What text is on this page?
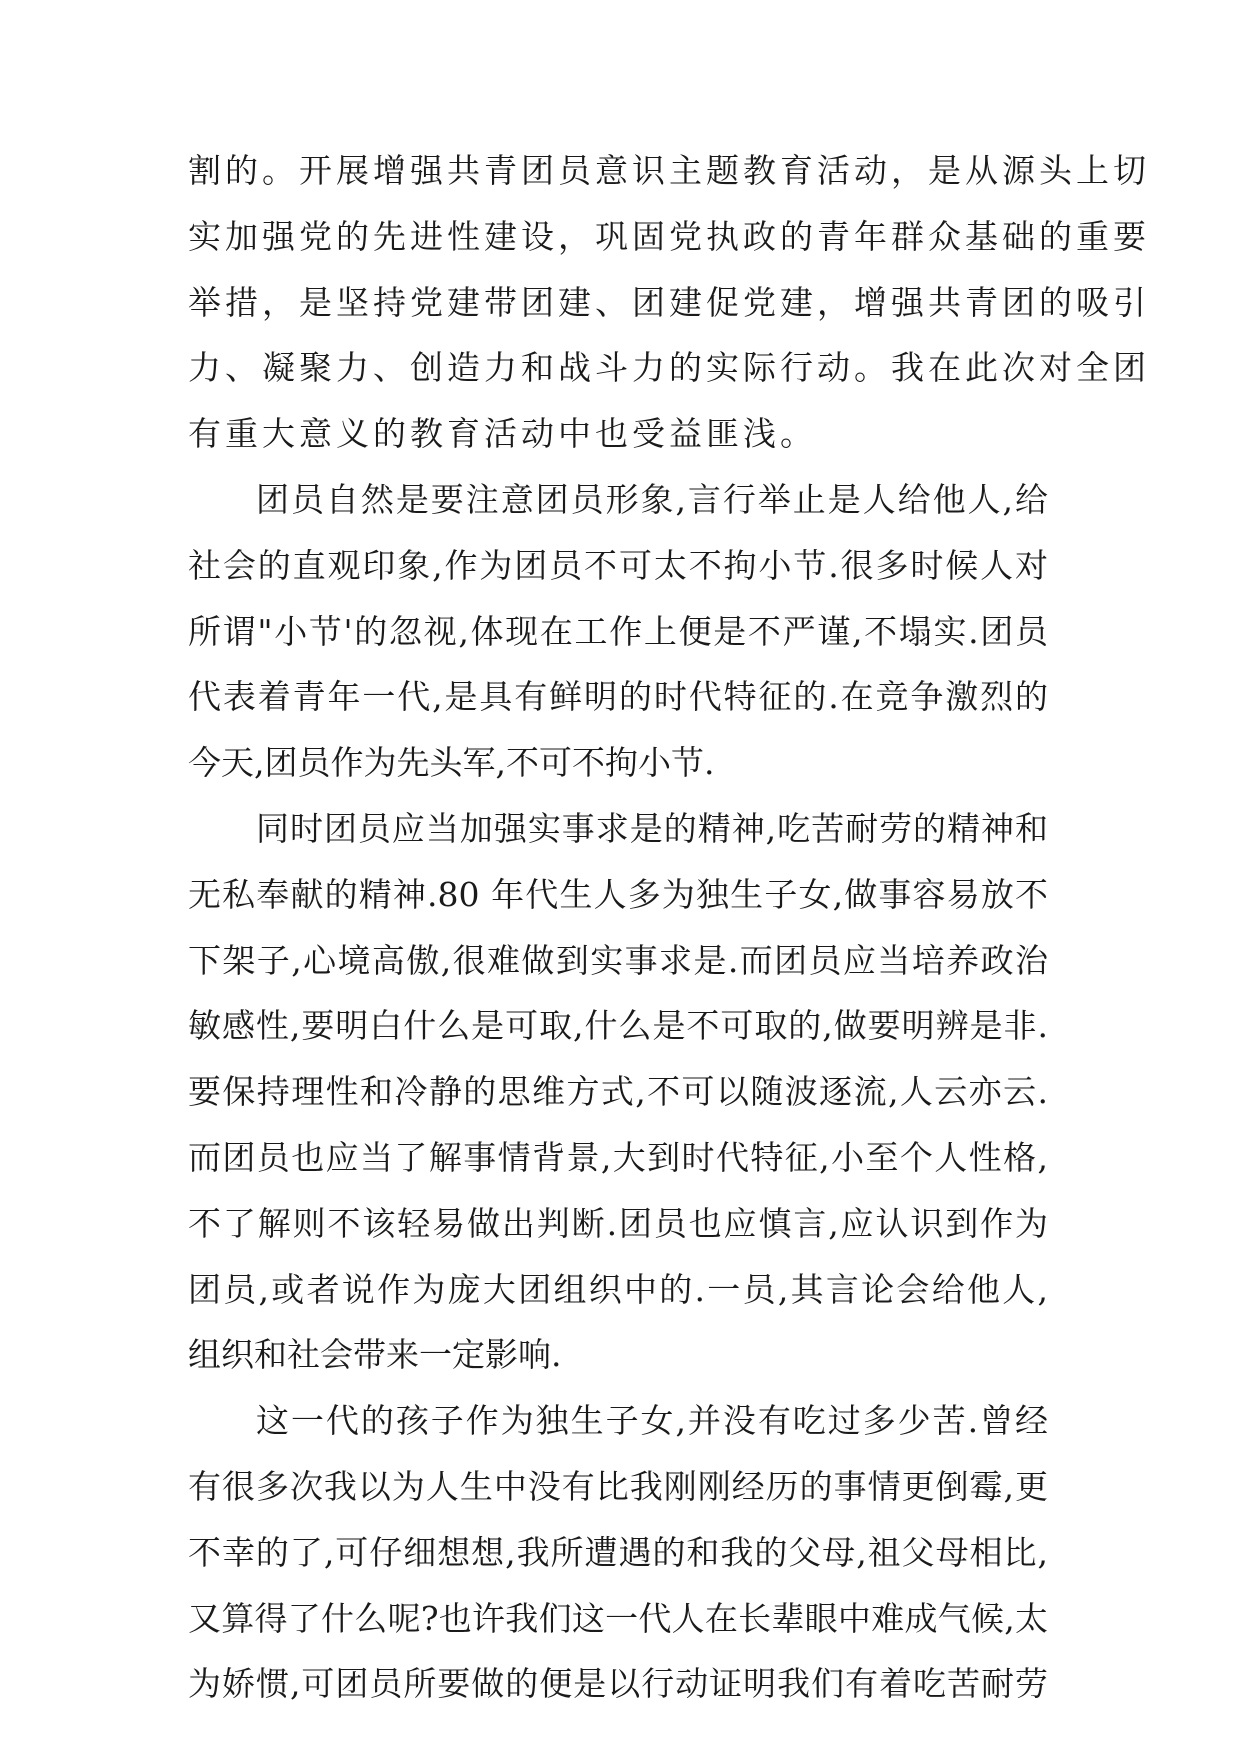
割的。开展增强共青团员意识主题教育活动，是从源头上切
实加强党的先进性建设，巩固党执政的青年群众基础的重要
举措，是坚持党建带团建、团建促党建，增强共青团的吸引
力、凝聚力、创造力和战斗力的实际行动。我在此次对全团
有重大意义的教育活动中也受益匪浅。
团员自然是要注意团员形象,言行举止是人给他人,给
社会的直观印象,作为团员不可太不拘小节.很多时候人对
所谓"小节'的忽视,体现在工作上便是不严谨,不塌实.团员
代表着青年一代,是具有鲜明的时代特征的.在竞争激烈的
今天,团员作为先头军,不可不拘小节.
同时团员应当加强实事求是的精神,吃苦耐劳的精神和
无私奉献的精神.80 年代生人多为独生子女,做事容易放不
下架子,心境高傲,很难做到实事求是.而团员应当培养政治
敏感性,要明白什么是可取,什么是不可取的,做要明辨是非.
要保持理性和冷静的思维方式,不可以随波逐流,人云亦云.
而团员也应当了解事情背景,大到时代特征,小至个人性格,
不了解则不该轻易做出判断.团员也应慎言,应认识到作为
团员,或者说作为庞大团组织中的.一员,其言论会给他人,
组织和社会带来一定影响.
这一代的孩子作为独生子女,并没有吃过多少苦.曾经
有很多次我以为人生中没有比我刚刚经历的事情更倒霉,更
不幸的了,可仔细想想,我所遭遇的和我的父母,祖父母相比,
又算得了什么呢?也许我们这一代人在长辈眼中难成气候,太
为娇惯,可团员所要做的便是以行动证明我们有着吃苦耐劳
